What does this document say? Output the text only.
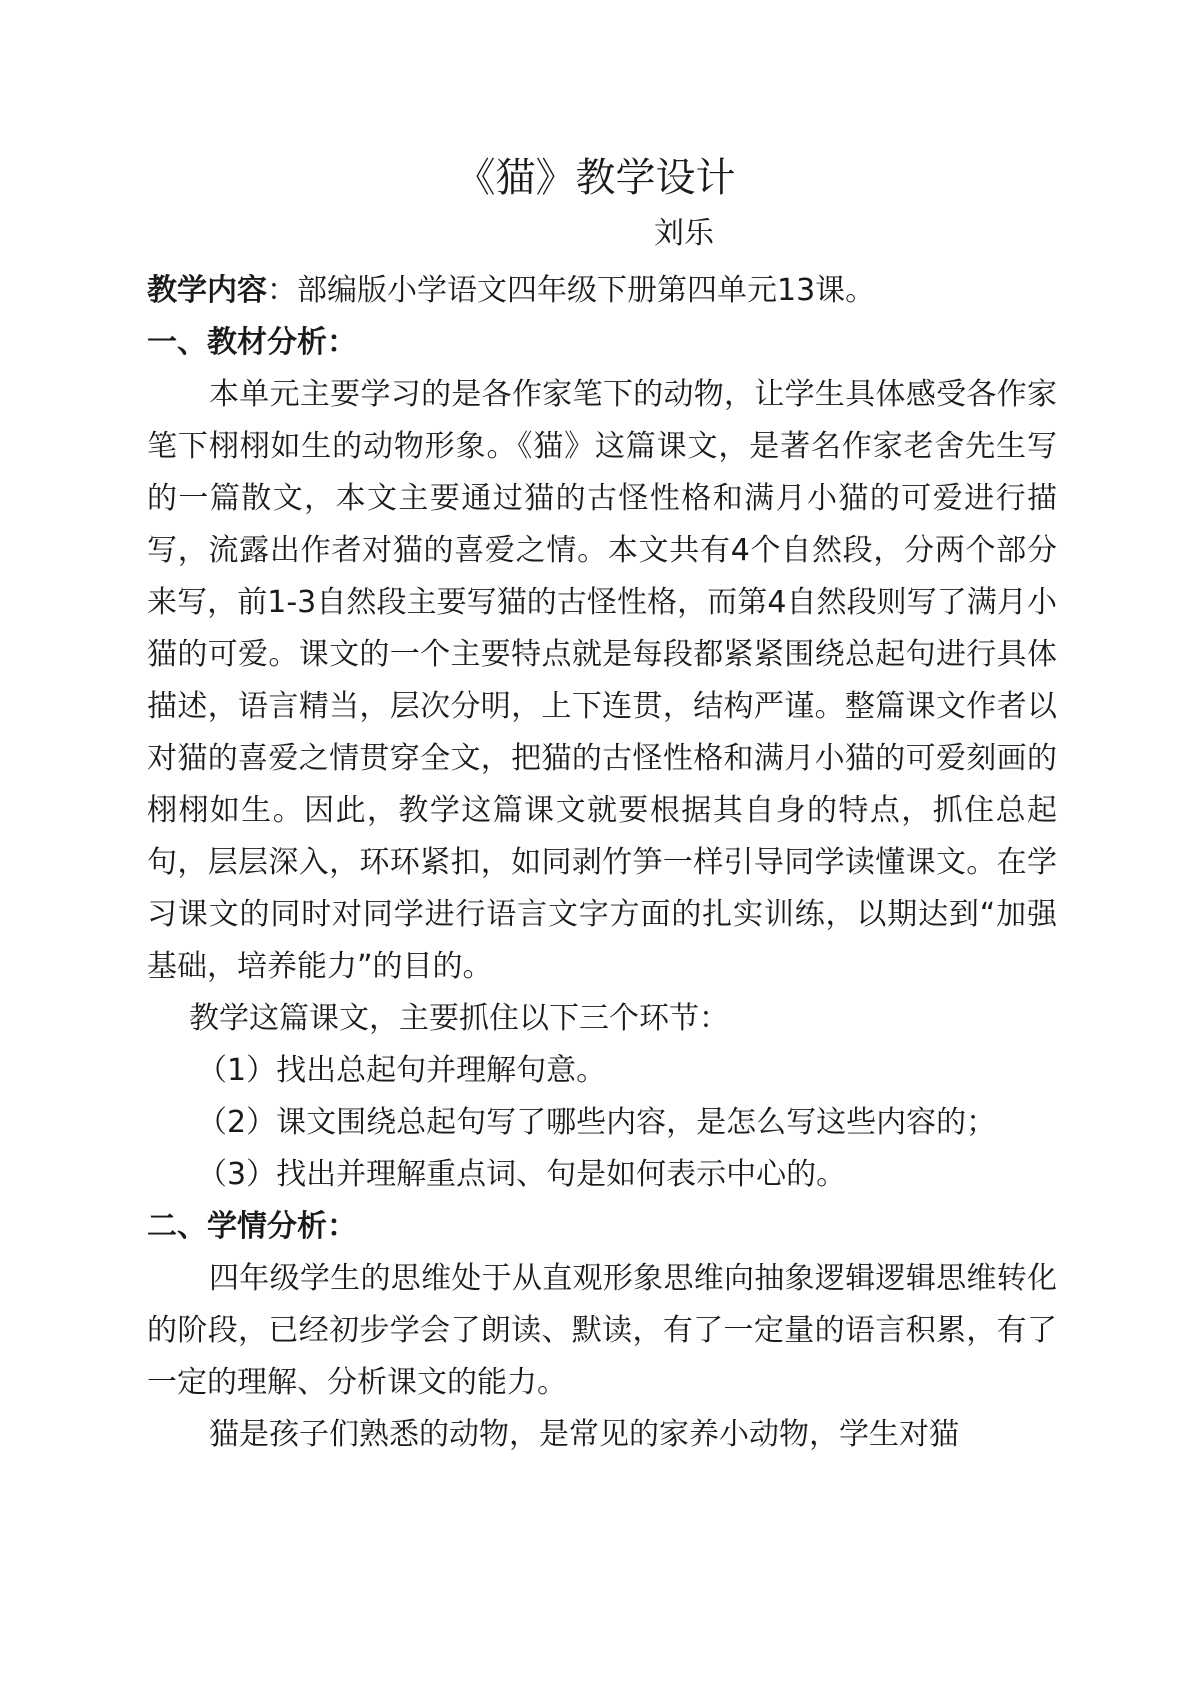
《猫》教学设计

刘乐

教学内容：部编版小学语文四年级下册第四单元13课。

一、教材分析：

本单元主要学习的是各作家笔下的动物，让学生具体感受各作家笔下栩栩如生的动物形象。《猫》这篇课文，是著名作家老舍先生写的一篇散文，本文主要通过猫的古怪性格和满月小猫的可爱进行描写，流露出作者对猫的喜爱之情。本文共有4个自然段，分两个部分来写，前1-3自然段主要写猫的古怪性格，而第4自然段则写了满月小猫的可爱。课文的一个主要特点就是每段都紧紧围绕总起句进行具体描述，语言精当，层次分明，上下连贯，结构严谨。整篇课文作者以对猫的喜爱之情贯穿全文，把猫的古怪性格和满月小猫的可爱刻画的栩栩如生。因此，教学这篇课文就要根据其自身的特点，抓住总起句，层层深入，环环紧扣，如同剥竹笋一样引导同学读懂课文。在学习课文的同时对同学进行语言文字方面的扎实训练，以期达到“加强基础，培养能力”的目的。

教学这篇课文，主要抓住以下三个环节：

（1）找出总起句并理解句意。

（2）课文围绕总起句写了哪些内容，是怎么写这些内容的；

（3）找出并理解重点词、句是如何表示中心的。

二、学情分析：

四年级学生的思维处于从直观形象思维向抽象逻辑逻辑思维转化的阶段，已经初步学会了朗读、默读，有了一定量的语言积累，有了一定的理解、分析课文的能力。

猫是孩子们熟悉的动物，是常见的家养小动物，学生对猫
